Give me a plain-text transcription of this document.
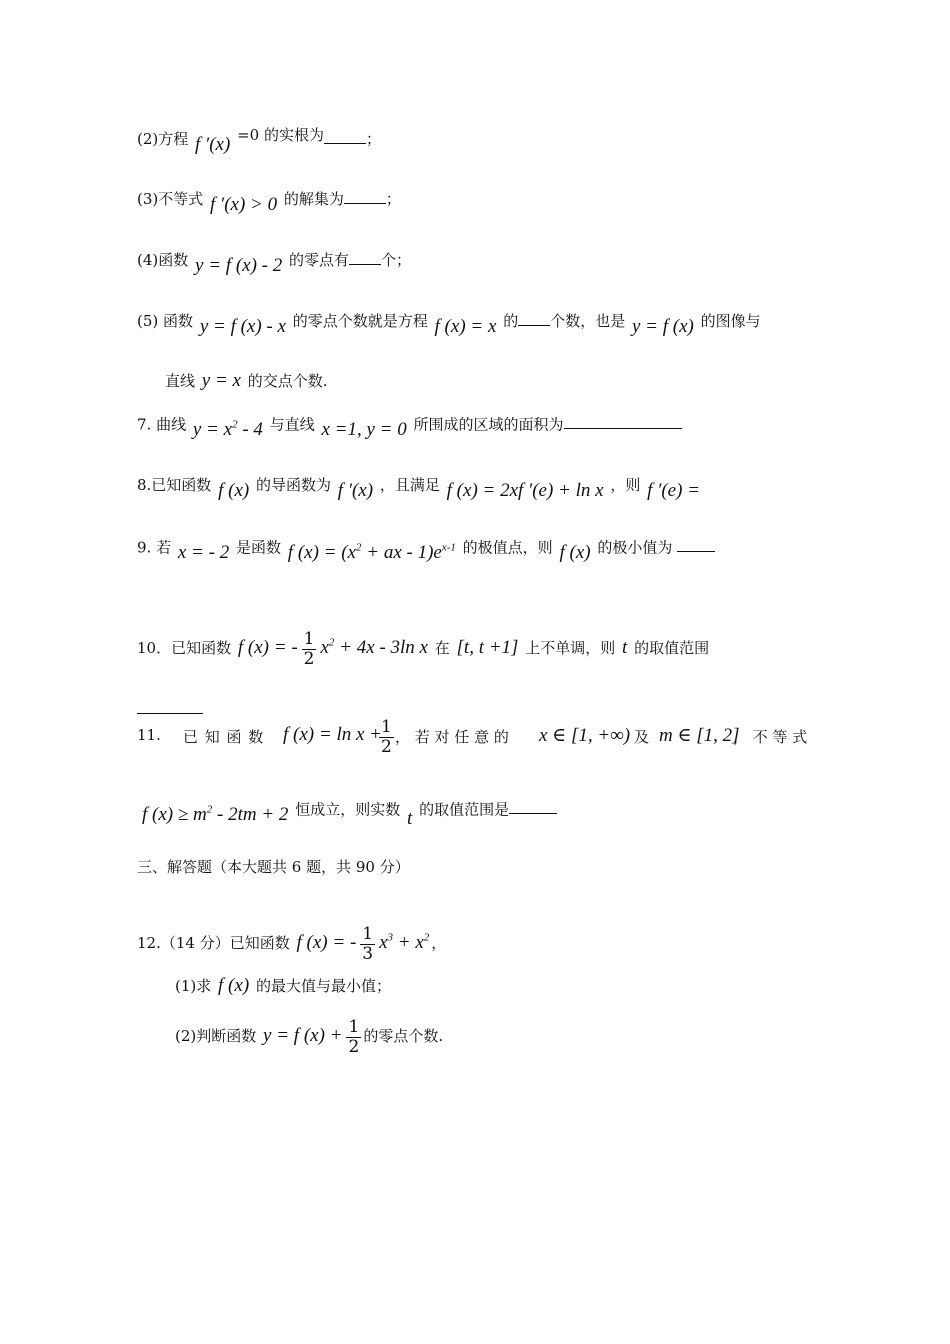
(2)方程 f ′(x) =0 的实根为	；
(3)不等式 f ′(x) > 0 的解集为	；
(4)函数 y = f (x) - 2 的零点有 个；
(5) 函数 y = f (x) - x 的零点个数就是方程 f (x) = x 的 个数，也是 y = f (x) 的图像与
直线 y = x 的交点个数.
7. 曲线 $y = x^2 - 4$ 与直线 x =1, y = 0 所围成的区域的面积为
8.已知函数 f (x) 的导函数为 f ′(x) ，且满足 f (x) = 2xf ′(e) + ln x ，则 f ′(e) =
9. 若 x = - 2 是函数 f $(x) = (x^2$ + ax - $1)e^{x-1}$ 的极值点，则 f (x) 的极小值为
10．已知函数 f (x) = - $\frac{1}{2} x^2 + 4x - 3\ln$ x 在 [t, t +1] 上不单调，则 t 的取值范围
11. 已 知 函 数 f (x) = ln x +
$\frac{1}{2}$ ， 若 对 任 意 的 x ∈ [1, +∞) 及 m ∈ [1, 2]
， 不 等 式
f $(x) \ge m^2 - 2tm + 2$ 恒成立，则实数 t 的取值范围是
三、解答题（本大题共 6 题，共 90 分）
12.（14 分）已知函数 f (x) = - $\frac{1}{3} x^3 + x^2$ ，
(1)求 f (x) 的最大值与最小值；
(2)判断函数 y = f $(x) + \frac{1}{2}$ 的零点个数.
